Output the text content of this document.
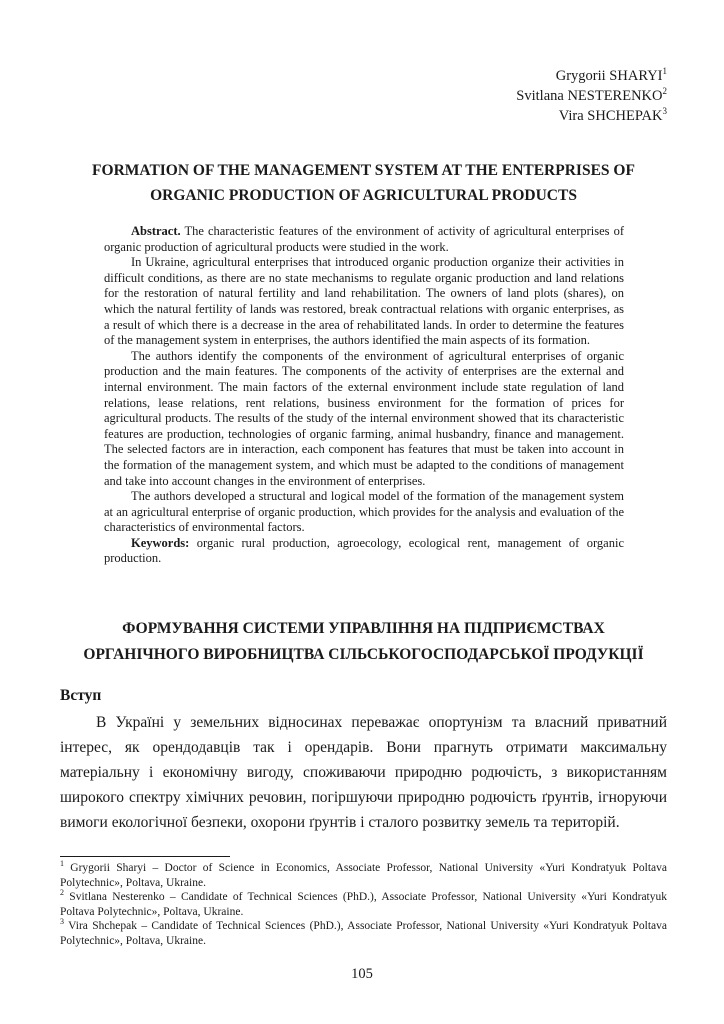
Grygorii SHARYI$^1$
Svitlana NESTERENKO$^2$
Vira SHCHEPAK$^3$
FORMATION OF THE MANAGEMENT SYSTEM AT THE ENTERPRISES OF ORGANIC PRODUCTION OF AGRICULTURAL PRODUCTS

Abstract. The characteristic features of the environment of activity of agricultural enterprises of organic production of agricultural products were studied in the work.

In Ukraine, agricultural enterprises that introduced organic production organize their activities in difficult conditions, as there are no state mechanisms to regulate organic production and land relations for the restoration of natural fertility and land rehabilitation. The owners of land plots (shares), on which the natural fertility of lands was restored, break contractual relations with organic enterprises, as a result of which there is a decrease in the area of rehabilitated lands. In order to determine the features of the management system in enterprises, the authors identified the main aspects of its formation.

The authors identify the components of the environment of agricultural enterprises of organic production and the main features. The components of the activity of enterprises are the external and internal environment. The main factors of the external environment include state regulation of land relations, lease relations, rent relations, business environment for the formation of prices for agricultural products. The results of the study of the internal environment showed that its characteristic features are production, technologies of organic farming, animal husbandry, finance and management. The selected factors are in interaction, each component has features that must be taken into account in the formation of the management system, and which must be adapted to the conditions of management and take into account changes in the environment of enterprises.

The authors developed a structural and logical model of the formation of the management system at an agricultural enterprise of organic production, which provides for the analysis and evaluation of the characteristics of environmental factors.

Keywords: organic rural production, agroecology, ecological rent, management of organic production.

ФОРМУВАННЯ СИСТЕМИ УПРАВЛІННЯ НА ПІДПРИЄМСТВАХ ОРГАНІЧНОГО ВИРОБНИЦТВА СІЛЬСЬКОГОСПОДАРСЬКОЇ ПРОДУКЦІЇ
Вступ

В Україні у земельних відносинах переважає опортунізм та власний приватний інтерес, як орендодавців так і орендарів. Вони прагнуть отримати максимальну матеріальну і економічну вигоду, споживаючи природню родючість, з використанням широкого спектру хімічних речовин, погіршуючи природню родючість ґрунтів, ігноруючи вимоги екологічної безпеки, охорони ґрунтів і сталого розвитку земель та територій.

$^1$ Grygorii Sharyi – Doctor of Science in Economics, Associate Professor, National University «Yuri Kondratyuk Poltava Polytechnic», Poltava, Ukraine.

$^2$ Svitlana Nesterenko – Candidate of Technical Sciences (PhD.), Associate Professor, National University «Yuri Kondratyuk Poltava Polytechnic», Poltava, Ukraine.

$^3$ Vira Shchepak – Candidate of Technical Sciences (PhD.), Associate Professor, National University «Yuri Kondratyuk Poltava Polytechnic», Poltava, Ukraine.

105
